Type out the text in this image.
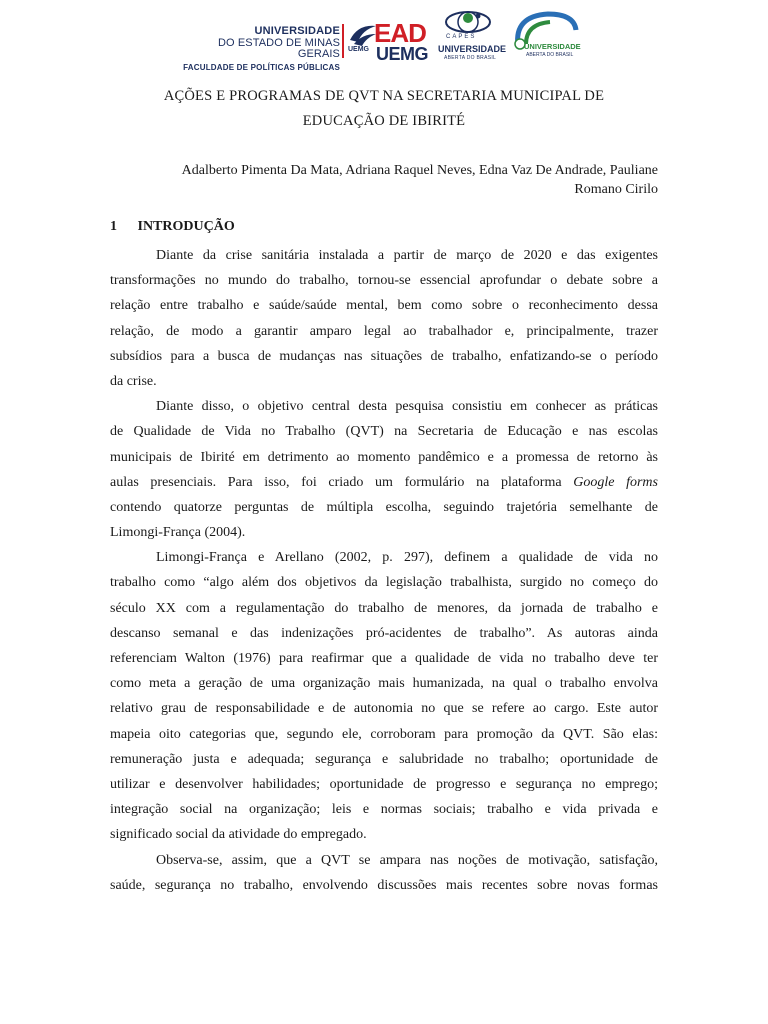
UNIVERSIDADE
DO ESTADO DE MINAS GERAIS
FACULDADE DE POLÍTICAS PÚBLICAS
EAD
UEMG UEMG
CAPES
UNIVERSIDADE
ABERTA DO BRASIL
UNIVERSIDADE
ABERTA DO BRASIL
AÇÕES E PROGRAMAS DE QVT NA SECRETARIA MUNICIPAL DE
EDUCAÇÃO DE IBIRITÉ
Adalberto Pimenta Da Mata, Adriana Raquel Neves, Edna Vaz De Andrade, Pauliane
Romano Cirilo
1 INTRODUÇÃO
Diante da crise sanitária instalada a partir de março de 2020 e das exigentes
transformações no mundo do trabalho, tornou-se essencial aprofundar o debate sobre a
relação entre trabalho e saúde/saúde mental, bem como sobre o reconhecimento dessa
relação, de modo a garantir amparo legal ao trabalhador e, principalmente, trazer
subsídios para a busca de mudanças nas situações de trabalho, enfatizando-se o período
da crise.
Diante disso, o objetivo central desta pesquisa consistiu em conhecer as práticas
de Qualidade de Vida no Trabalho (QVT) na Secretaria de Educação e nas escolas
municipais de Ibirité em detrimento ao momento pandêmico e a promessa de retorno às
aulas presenciais. Para isso, foi criado um formulário na plataforma Google forms
contendo quatorze perguntas de múltipla escolha, seguindo trajetória semelhante de
Limongi-França (2004).
Limongi-França e Arellano (2002, p. 297), definem a qualidade de vida no
trabalho como “algo além dos objetivos da legislação trabalhista, surgido no começo do
século XX com a regulamentação do trabalho de menores, da jornada de trabalho e
descanso semanal e das indenizações pró-acidentes de trabalho”. As autoras ainda
referenciam Walton (1976) para reafirmar que a qualidade de vida no trabalho deve ter
como meta a geração de uma organização mais humanizada, na qual o trabalho envolva
relativo grau de responsabilidade e de autonomia no que se refere ao cargo. Este autor
mapeia oito categorias que, segundo ele, corroboram para promoção da QVT. São elas:
remuneração justa e adequada; segurança e salubridade no trabalho; oportunidade de
utilizar e desenvolver habilidades; oportunidade de progresso e segurança no emprego;
integração social na organização; leis e normas sociais; trabalho e vida privada e
significado social da atividade do empregado.
Observa-se, assim, que a QVT se ampara nas noções de motivação, satisfação,
saúde, segurança no trabalho, envolvendo discussões mais recentes sobre novas formas
